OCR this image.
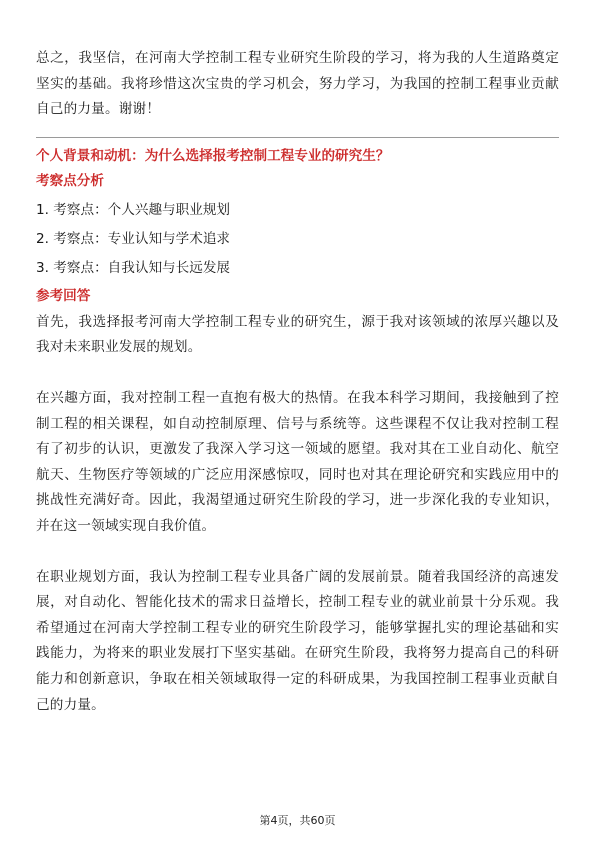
总之，我坚信，在河南大学控制工程专业研究生阶段的学习，将为我的人生道路奠定坚实的基础。我将珍惜这次宝贵的学习机会，努力学习，为我国的控制工程事业贡献自己的力量。谢谢！

个人背景和动机：为什么选择报考控制工程专业的研究生？
考察点分析
1. 考察点：个人兴趣与职业规划
2. 考察点：专业认知与学术追求
3. 考察点：自我认知与长远发展
参考回答

首先，我选择报考河南大学控制工程专业的研究生，源于我对该领域的浓厚兴趣以及我对未来职业发展的规划。

在兴趣方面，我对控制工程一直抱有极大的热情。在我本科学习期间，我接触到了控制工程的相关课程，如自动控制原理、信号与系统等。这些课程不仅让我对控制工程有了初步的认识，更激发了我深入学习这一领域的愿望。我对其在工业自动化、航空航天、生物医疗等领域的广泛应用深感惊叹，同时也对其在理论研究和实践应用中的挑战性充满好奇。因此，我渴望通过研究生阶段的学习，进一步深化我的专业知识，并在这一领域实现自我价值。

在职业规划方面，我认为控制工程专业具备广阔的发展前景。随着我国经济的高速发展，对自动化、智能化技术的需求日益增长，控制工程专业的就业前景十分乐观。我希望通过在河南大学控制工程专业的研究生阶段学习，能够掌握扎实的理论基础和实践能力，为将来的职业发展打下坚实基础。在研究生阶段，我将努力提高自己的科研能力和创新意识，争取在相关领域取得一定的科研成果，为我国控制工程事业贡献自己的力量。

第4页，共60页
